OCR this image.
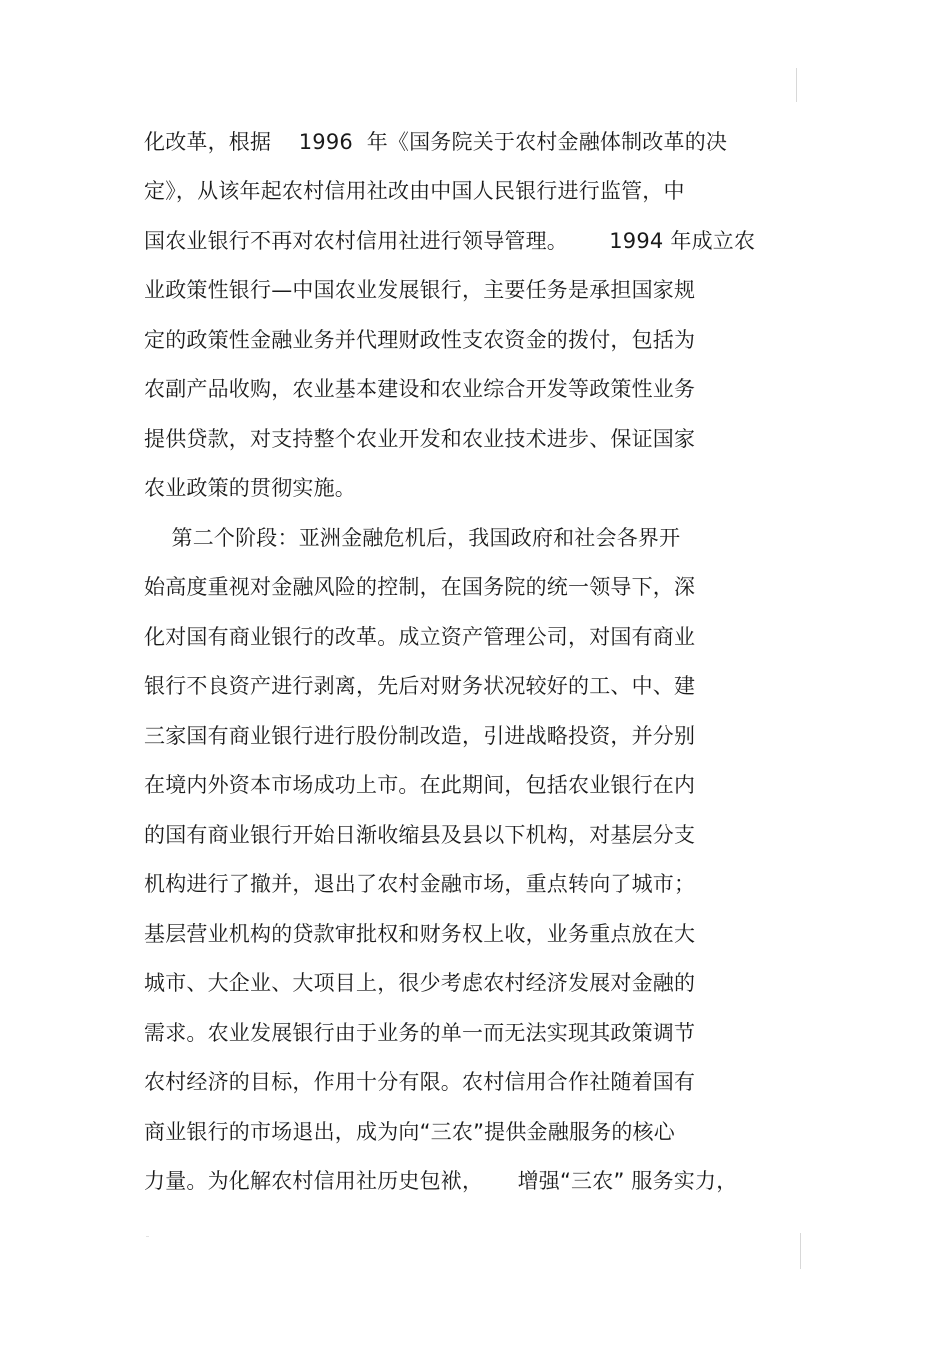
化改革，根据    1996  年《国务院关于农村金融体制改革的决
定》，从该年起农村信用社改由中国人民银行进行监管，中
国农业银行不再对农村信用社进行领导管理。      1994 年成立农
业政策性银行—中国农业发展银行，主要任务是承担国家规
定的政策性金融业务并代理财政性支农资金的拨付，包括为
农副产品收购，农业基本建设和农业综合开发等政策性业务
提供贷款，对支持整个农业开发和农业技术进步、保证国家
农业政策的贯彻实施。
第二个阶段：亚洲金融危机后，我国政府和社会各界开
始高度重视对金融风险的控制，在国务院的统一领导下，深
化对国有商业银行的改革。成立资产管理公司，对国有商业
银行不良资产进行剥离，先后对财务状况较好的工、中、建
三家国有商业银行进行股份制改造，引进战略投资，并分别
在境内外资本市场成功上市。在此期间，包括农业银行在内
的国有商业银行开始日渐收缩县及县以下机构，对基层分支
机构进行了撤并，退出了农村金融市场，重点转向了城市；
基层营业机构的贷款审批权和财务权上收，业务重点放在大
城市、大企业、大项目上，很少考虑农村经济发展对金融的
需求。农业发展银行由于业务的单一而无法实现其政策调节
农村经济的目标，作用十分有限。农村信用合作社随着国有
商业银行的市场退出，成为向“三农”提供金融服务的核心
力量。为化解农村信用社历史包袱，     增强“三农” 服务实力，
